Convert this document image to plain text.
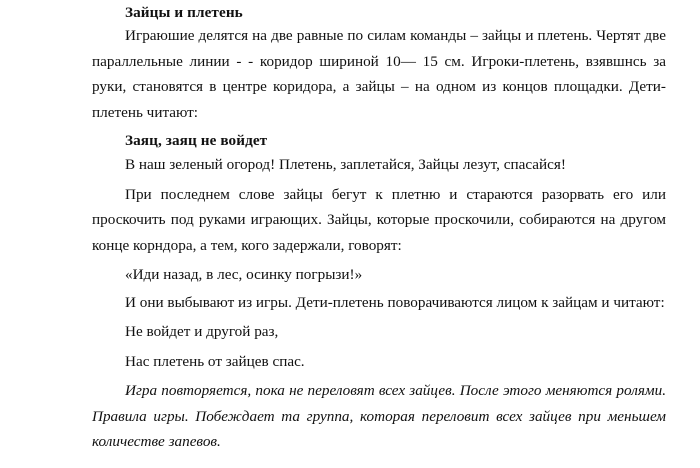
Зайцы и плетень

Играюшие делятся на две равные по силам команды – зайцы и плетень. Чертят две параллельные линии - - коридор шириной 10— 15 см. Игроки-плетень, взявшнсь за руки, становятся в центре коридора, а зайцы – на одном из концов площадки. Дети-плетень читают:

Заяц, заяц не войдет

В наш зеленый огород! Плетень, заплетайся, Зайцы лезут, спасайся!

При последнем слове зайцы бегут к плетню и стараются разорвать его или проскочить под руками играющих. Зайцы, которые проскочили, собираются на другом конце корндора, а тем, кого задержали, говорят:

«Иди назад, в лес, осинку погрызи!»

И они выбывают из игры. Дети-плетень поворачиваются лицом к зайцам и читают:

Не войдет и другой раз,

Нас плетень от зайцев спас.

Игра повторяется, пока не переловят всех зайцев. После этого меняются ролями. Правила игры. Побеждает та группа, которая переловит всех зайцев при меньшем количестве запевов.
